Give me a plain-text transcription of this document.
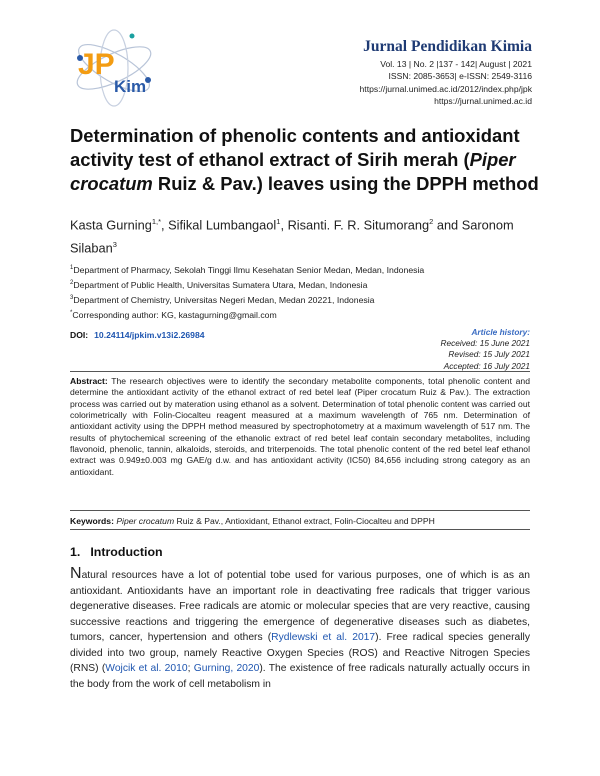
JP
Kim
Jurnal Pendidikan Kimia
Vol. 13 | No. 2 |137 - 142| August | 2021
ISSN: 2085-3653| e-ISSN: 2549-3116
https://jurnal.unimed.ac.id/2012/index.php/jpk
https://jurnal.unimed.ac.id
Determination of phenolic contents and antioxidant activity test of ethanol extract of Sirih merah (Piper crocatum Ruiz & Pav.) leaves using the DPPH method
Kasta Gurning$^{1,*}$, Sifikal Lumbangaol$^1$, Risanti. F. R. Situmorang$^2$ and Saronom Silaban$^3$
$^1$Department of Pharmacy, Sekolah Tinggi Ilmu Kesehatan Senior Medan, Medan, Indonesia
$^2$Department of Public Health, Universitas Sumatera Utara, Medan, Indonesia
$^3$Department of Chemistry, Universitas Negeri Medan, Medan 20221, Indonesia
*Corresponding author: KG, kastagurning@gmail.com
DOI: 10.24114/jpkim.v13i2.26984	Article history:
Received: 15 June 2021
Revised: 15 July 2021
Accepted: 16 July 2021
Abstract: The research objectives were to identify the secondary metabolite components, total phenolic content and determine the antioxidant activity of the ethanol extract of red betel leaf (Piper crocatum Ruiz & Pav.). The extraction process was carried out by materation using ethanol as a solvent. Determination of total phenolic content was carried out colorimetrically with Folin-Ciocalteu reagent measured at a maximum wavelength of 765 nm. Determination of antioxidant activity using the DPPH method measured by spectrophotometry at a maximum wavelength of 517 nm. The results of phytochemical screening of the ethanolic extract of red betel leaf contain secondary metabolites, including flavonoid, phenolic, tannin, alkaloids, steroids, and triterpenoids. The total phenolic content of the red betel leaf ethanol extract was 0.949±0.003 mg GAE/g d.w. and has antioxidant activity (IC50) 84,656 including strong category as an antioxidant.
Keywords: Piper crocatum Ruiz & Pav., Antioxidant, Ethanol extract, Folin-Ciocalteu and DPPH
1. Introduction
Natural resources have a lot of potential tobe used for various purposes, one of which is as an antioxidant. Antioxidants have an important role in deactivating free radicals that trigger various degenerative diseases. Free radicals are atomic or molecular species that are very reactive, causing successive reactions and triggering the emergence of degenerative diseases such as diabetes, tumors, cancer, hypertension and others (Rydlewski et al. 2017). Free radical species generally divided into two group, namely Reactive Oxygen Species (ROS) and Reactive Nitrogen Species (RNS) (Wojcik et al. 2010; Gurning, 2020). The existence of free radicals naturally actually occurs in the body from the work of cell metabolism in
